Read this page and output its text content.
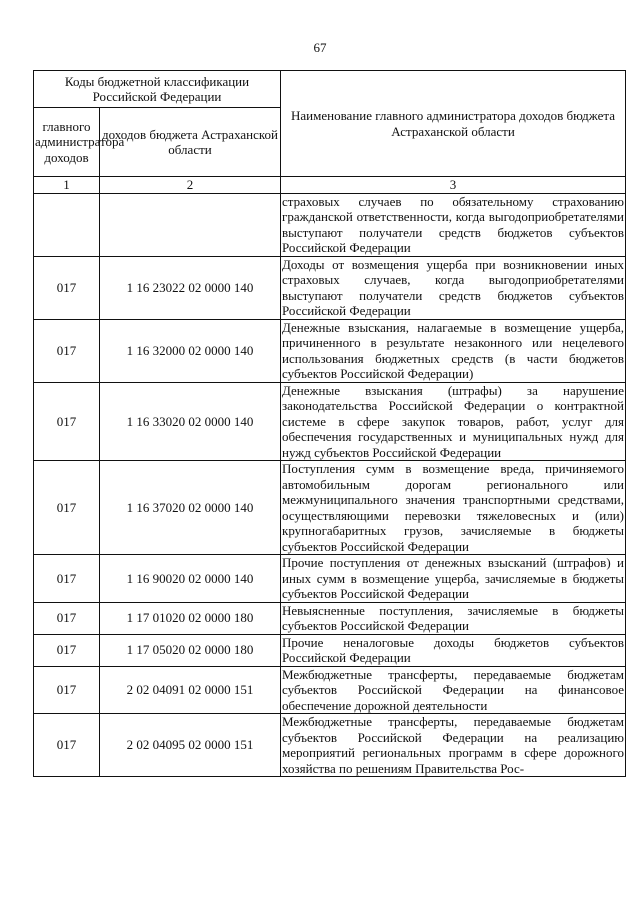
67
Коды бюджетной классификации Российской Федерации		Наименование главного администратора доходов бюджета Астраханской области
главного администратора доходов	доходов бюджета Астраханской области	
1	2	3
		страховых случаев по обязательному страхованию гражданской ответственности, когда выгодоприобретателями выступают получатели средств бюджетов субъектов Российской Федерации
017	1 16 23022 02 0000 140	Доходы от возмещения ущерба при возникновении иных страховых случаев, когда выгодоприобретателями выступают получатели средств бюджетов субъектов Российской Федерации
017	1 16 32000 02 0000 140	Денежные взыскания, налагаемые в возмещение ущерба, причиненного в результате незаконного или нецелевого использования бюджетных средств (в части бюджетов субъектов Российской Федерации)
017	1 16 33020 02 0000 140	Денежные взыскания (штрафы) за нарушение законодательства Российской Федерации о контрактной системе в сфере закупок товаров, работ, услуг для обеспечения государственных и муниципальных нужд для нужд субъектов Российской Федерации
017	1 16 37020 02 0000 140	Поступления сумм в возмещение вреда, причиняемого автомобильным дорогам регионального или межмуниципального значения транспортными средствами, осуществляющими перевозки тяжеловесных и (или) крупногабаритных грузов, зачисляемые в бюджеты субъектов Российской Федерации
017	1 16 90020 02 0000 140	Прочие поступления от денежных взысканий (штрафов) и иных сумм в возмещение ущерба, зачисляемые в бюджеты субъектов Российской Федерации
017	1 17 01020 02 0000 180	Невыясненные поступления, зачисляемые в бюджеты субъектов Российской Федерации
017	1 17 05020 02 0000 180	Прочие неналоговые доходы бюджетов субъектов Российской Федерации
017	2 02 04091 02 0000 151	Межбюджетные трансферты, передаваемые бюджетам субъектов Российской Федерации на финансовое обеспечение дорожной деятельности
017	2 02 04095 02 0000 151	Межбюджетные трансферты, передаваемые бюджетам субъектов Российской Федерации на реализацию мероприятий региональных программ в сфере дорожного хозяйства по решениям Правительства Рос-
